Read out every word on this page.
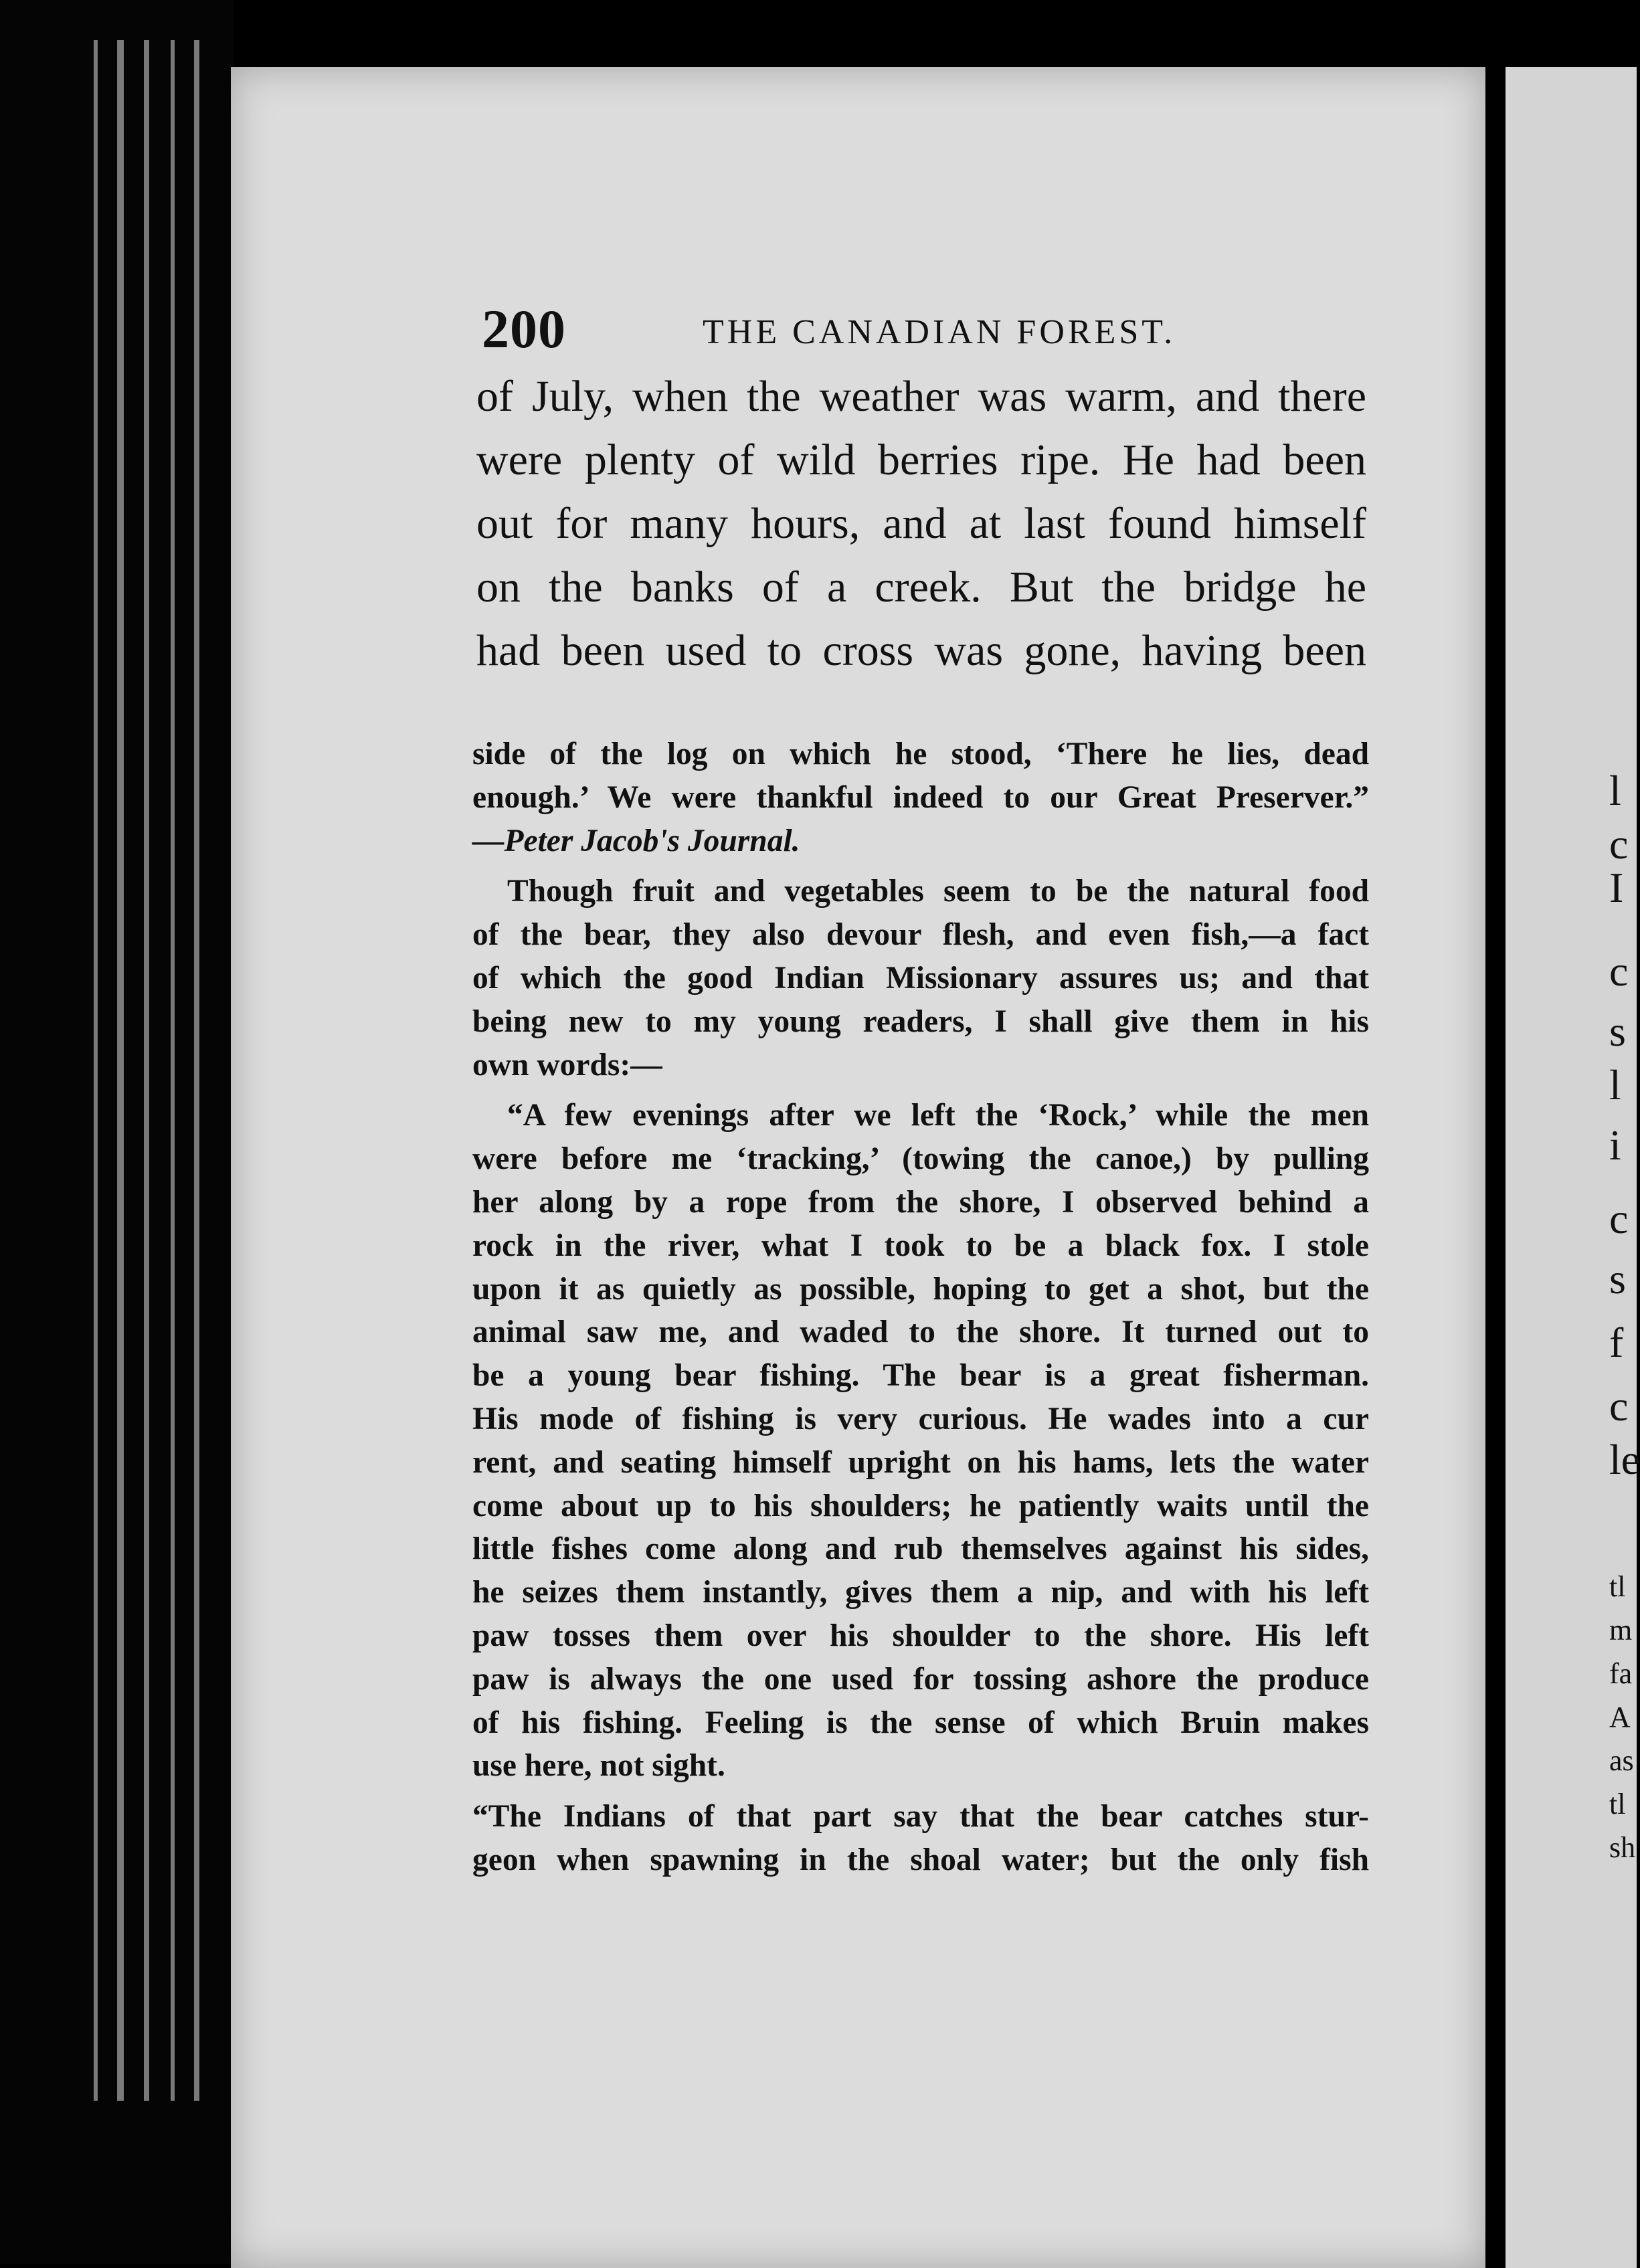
l
c
I
c
s
l
i
c
s
f
c
le
tl
m
fa
A
as
tl
sh
200	THE CANADIAN FOREST.
of July, when the weather was warm, and there
were plenty of wild berries ripe. He had been
out for many hours, and at last found himself
on the banks of a creek. But the bridge he
had been used to cross was gone, having been
side of the log on which he stood, ‘There he lies, dead
enough.’ We were thankful indeed to our Great Preserver.”
—Peter Jacob's Journal.
Though fruit and vegetables seem to be the natural food
of the bear, they also devour flesh, and even fish,—a fact
of which the good Indian Missionary assures us; and that
being new to my young readers, I shall give them in his
own words:—
“A few evenings after we left the ‘Rock,’ while the men
were before me ‘tracking,’ (towing the canoe,) by pulling
her along by a rope from the shore, I observed behind a
rock in the river, what I took to be a black fox. I stole
upon it as quietly as possible, hoping to get a shot, but the
animal saw me, and waded to the shore. It turned out to
be a young bear fishing. The bear is a great fisherman.
His mode of fishing is very curious. He wades into a cur
rent, and seating himself upright on his hams, lets the water
come about up to his shoulders; he patiently waits until the
little fishes come along and rub themselves against his sides,
he seizes them instantly, gives them a nip, and with his left
paw tosses them over his shoulder to the shore. His left
paw is always the one used for tossing ashore the produce
of his fishing. Feeling is the sense of which Bruin makes
use here, not sight.
“The Indians of that part say that the bear catches stur-
geon when spawning in the shoal water; but the only fish
